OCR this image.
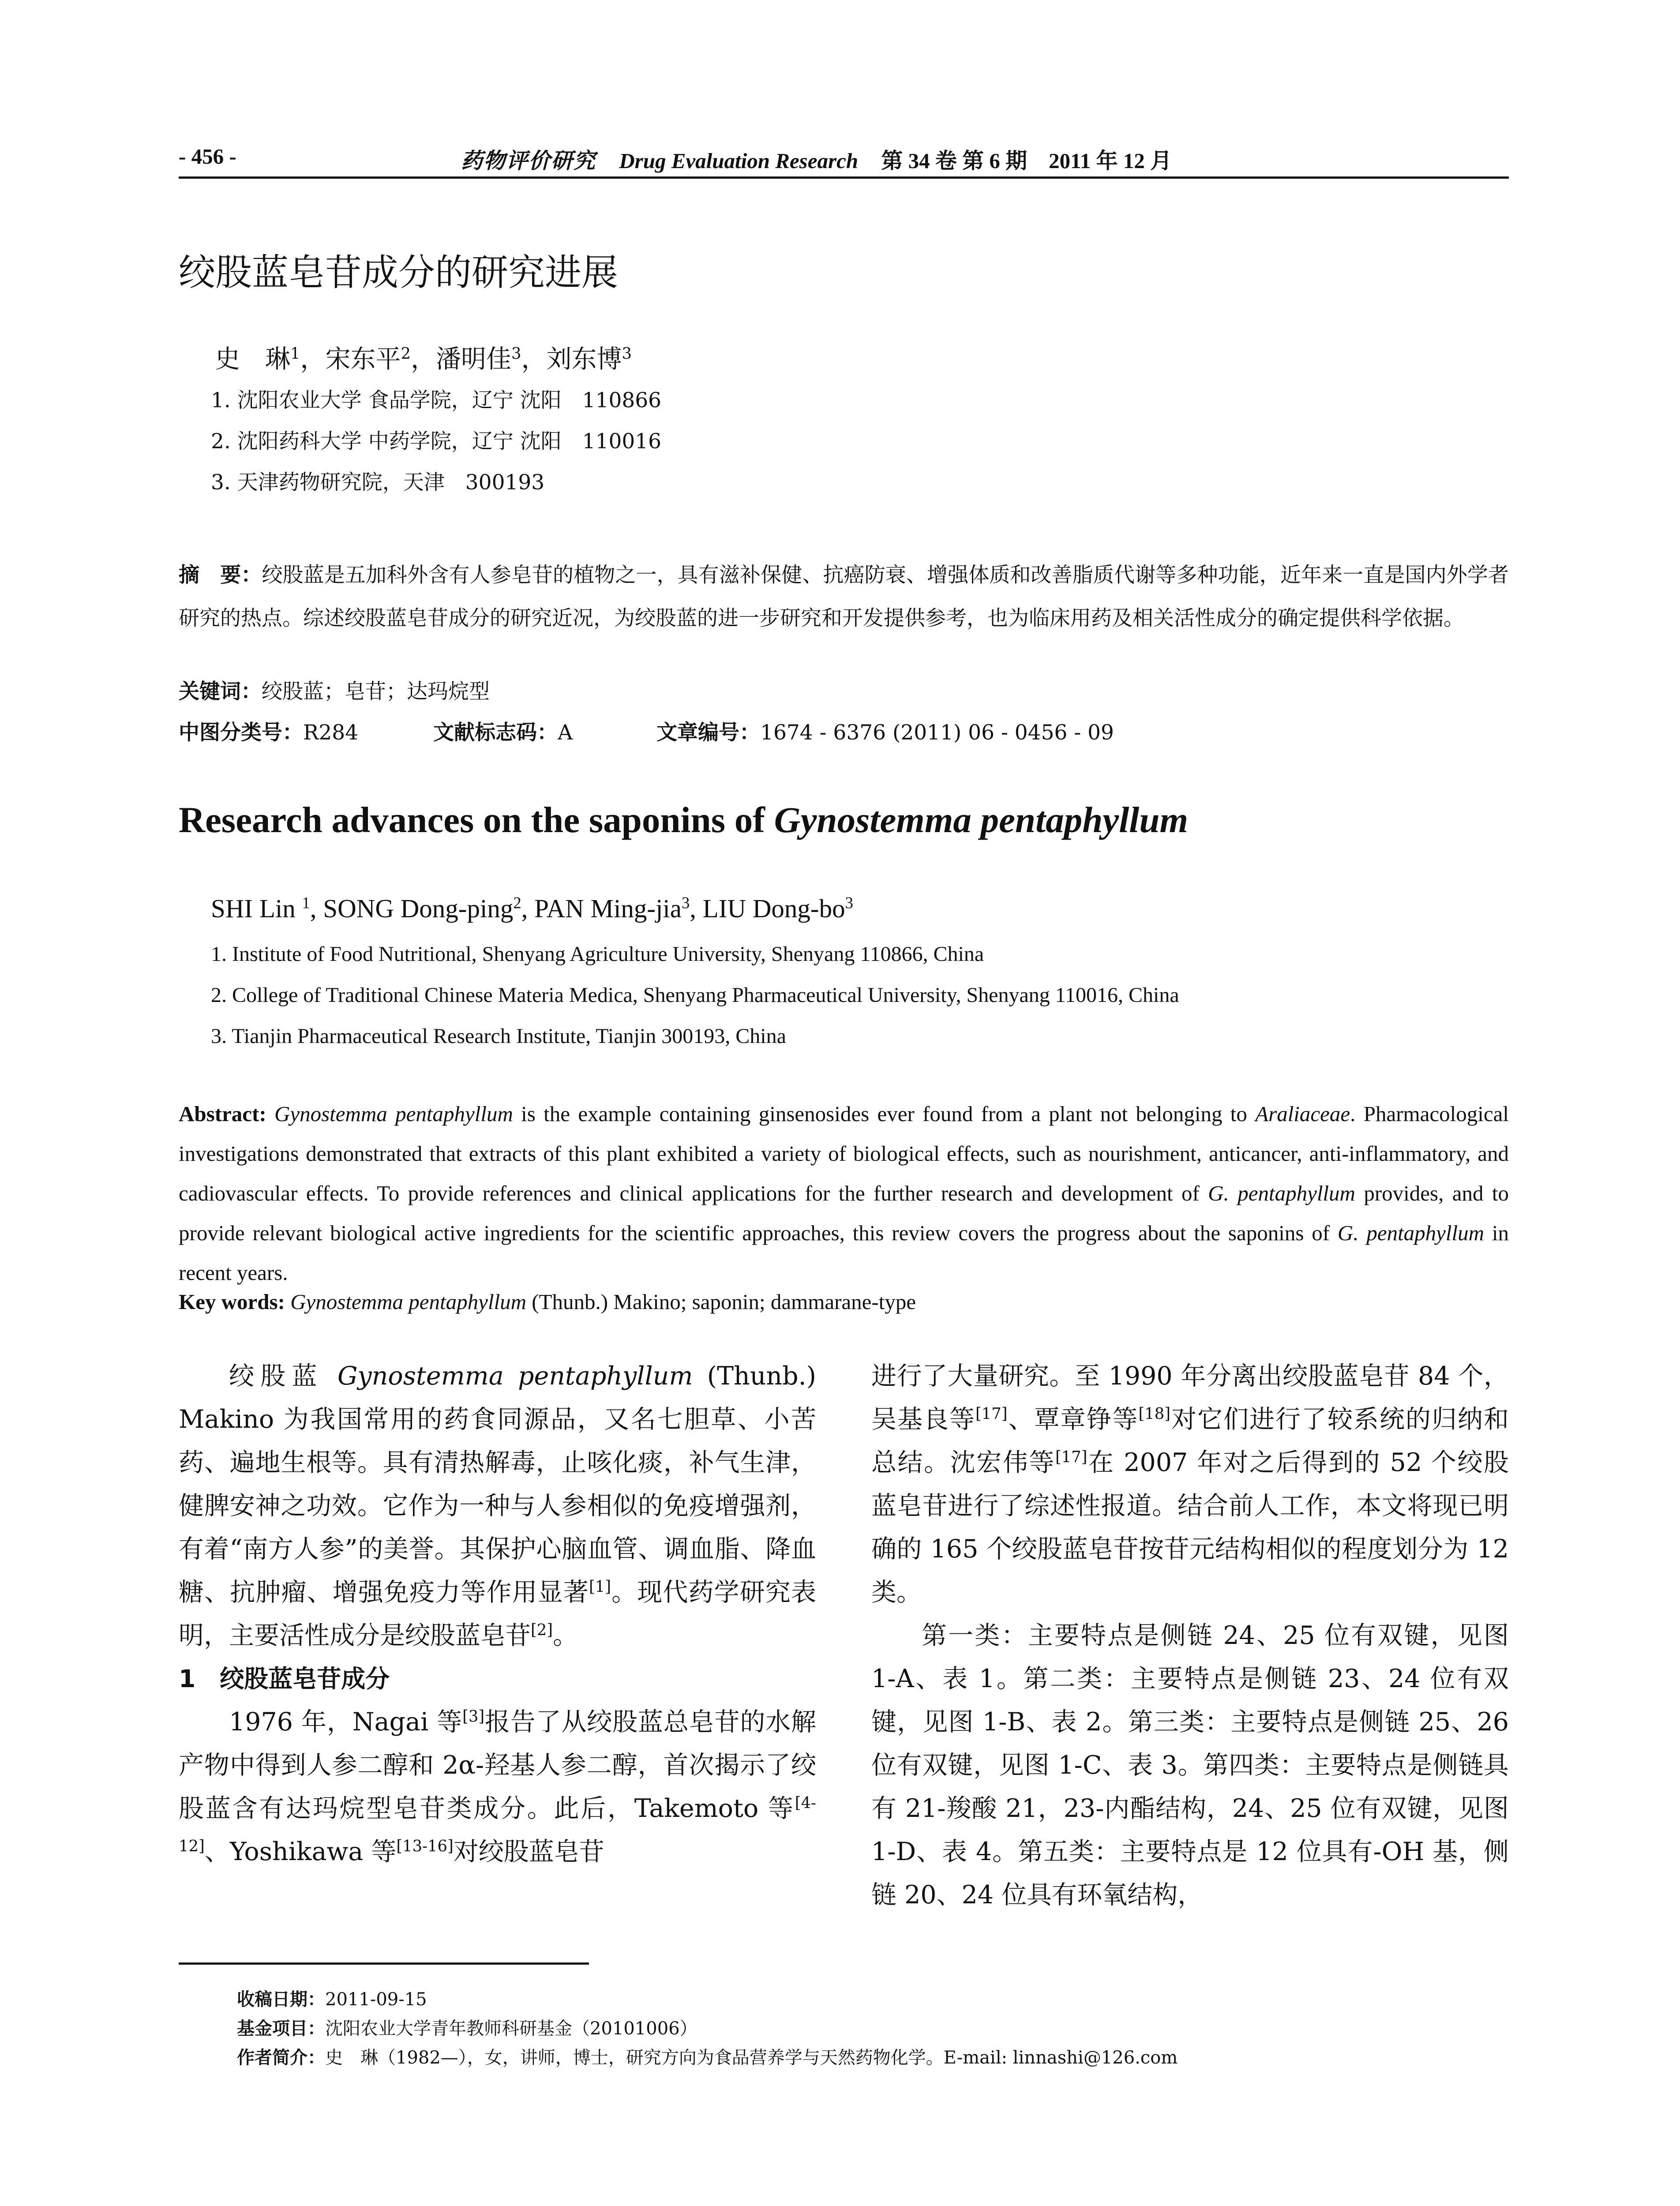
- 456 -	药物评价研究 Drug Evaluation Research 第 34 卷 第 6 期　2011 年 12 月
绞股蓝皂苷成分的研究进展
史　琳$^1$，宋东平$^2$，潘明佳$^3$，刘东博$^3$
1. 沈阳农业大学 食品学院，辽宁 沈阳　110866
2. 沈阳药科大学 中药学院，辽宁 沈阳　110016
3. 天津药物研究院，天津　300193
摘　要：绞股蓝是五加科外含有人参皂苷的植物之一，具有滋补保健、抗癌防衰、增强体质和改善脂质代谢等多种功能，近年来一直是国内外学者研究的热点。综述绞股蓝皂苷成分的研究近况，为绞股蓝的进一步研究和开发提供参考，也为临床用药及相关活性成分的确定提供科学依据。
关键词：绞股蓝；皂苷；达玛烷型
中图分类号：R284	文献标志码：A	文章编号：1674 - 6376 (2011) 06 - 0456 - 09
Research advances on the saponins of Gynostemma pentaphyllum
SHI Lin $^1$, SONG Dong-ping$^2$, PAN Ming-jia$^3$, LIU Dong-$bo^3$
1. Institute of Food Nutritional, Shenyang Agriculture University, Shenyang 110866, China
2. College of Traditional Chinese Materia Medica, Shenyang Pharmaceutical University, Shenyang 110016, China
3. Tianjin Pharmaceutical Research Institute, Tianjin 300193, China
Abstract: Gynostemma pentaphyllum is the example containing ginsenosides ever found from a plant not belonging to Araliaceae. Pharmacological investigations demonstrated that extracts of this plant exhibited a variety of biological effects, such as nourishment, anticancer, anti-inflammatory, and cadiovascular effects. To provide references and clinical applications for the further research and development of G. pentaphyllum provides, and to provide relevant biological active ingredients for the scientific approaches, this review covers the progress about the saponins of G. pentaphyllum in recent years.
Key words: Gynostemma pentaphyllum (Thunb.) Makino; saponin; dammarane-type

绞股蓝 Gynostemma pentaphyllum (Thunb.) Makino 为我国常用的药食同源品，又名七胆草、小苦药、遍地生根等。具有清热解毒，止咳化痰，补气生津，健脾安神之功效。它作为一种与人参相似的免疫增强剂，有着“南方人参”的美誉。其保护心脑血管、调血脂、降血糖、抗肿瘤、增强免疫力等作用显著[1]。现代药学研究表明，主要活性成分是绞股蓝皂苷[2]。

1　绞股蓝皂苷成分

1976 年，Nagai 等[3]报告了从绞股蓝总皂苷的水解产物中得到人参二醇和 2α-羟基人参二醇，首次揭示了绞股蓝含有达玛烷型皂苷类成分。此后，Takemoto 等[4-12]、Yoshikawa 等[13-16]对绞股蓝皂苷

进行了大量研究。至 1990 年分离出绞股蓝皂苷 84 个，吴基良等[17]、覃章铮等[18]对它们进行了较系统的归纳和总结。沈宏伟等[17]在 2007 年对之后得到的 52 个绞股蓝皂苷进行了综述性报道。结合前人工作，本文将现已明确的 165 个绞股蓝皂苷按苷元结构相似的程度划分为 12 类。

第一类：主要特点是侧链 24、25 位有双键，见图 1-A、表 1。第二类：主要特点是侧链 23、24 位有双键，见图 1-B、表 2。第三类：主要特点是侧链 25、26 位有双键，见图 1-C、表 3。第四类：主要特点是侧链具有 21-羧酸 21，23-内酯结构，24、25 位有双键，见图 1-D、表 4。第五类：主要特点是 12 位具有-OH 基，侧链 20、24 位具有环氧结构，

收稿日期：2011-09-15
基金项目：沈阳农业大学青年教师科研基金（20101006）
作者简介：史　琳（1982—），女，讲师，博士，研究方向为食品营养学与天然药物化学。E-mail: linnashi@126.com
